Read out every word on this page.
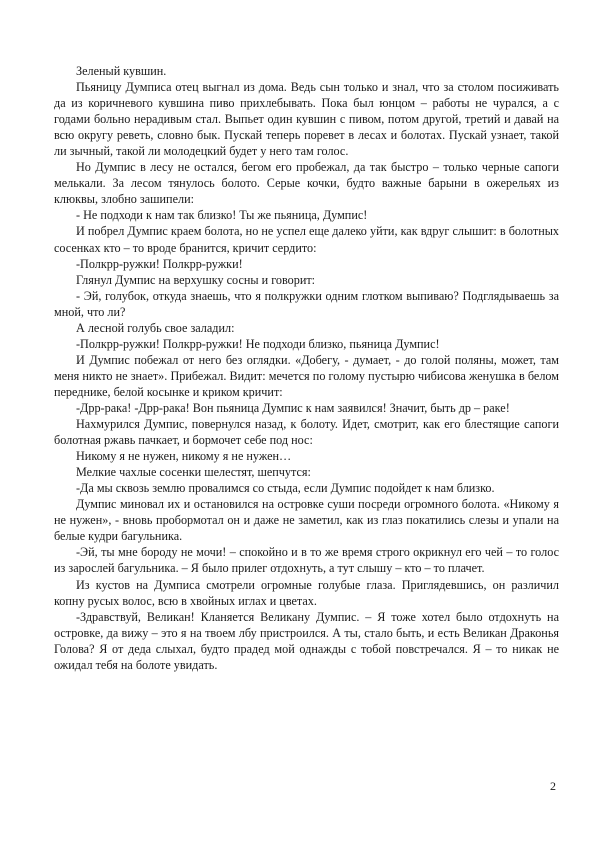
Зеленый кувшин.

Пьяницу Думписа отец выгнал из дома. Ведь сын только и знал, что за столом посиживать да из коричневого кувшина пиво прихлебывать. Пока был юнцом – работы не чурался, а с годами больно нерадивым стал. Выпьет один кувшин с пивом, потом другой, третий и давай на всю округу реветь, словно бык. Пускай теперь поревет в лесах и болотах. Пускай узнает, такой ли зычный, такой ли молодецкий будет у него там голос.

Но Думпис в лесу не остался, бегом его пробежал, да так быстро – только черные сапоги мелькали. За лесом тянулось болото. Серые кочки, будто важные барыни в ожерельях из клюквы, злобно зашипели:

- Не подходи к нам так близко! Ты же пьяница, Думпис!

И побрел Думпис краем болота, но не успел еще далеко уйти, как вдруг слышит: в болотных сосенках кто – то вроде бранится, кричит сердито:

-Полкрр-ружки! Полкрр-ружки!

Глянул Думпис на верхушку сосны и говорит:

- Эй, голубок, откуда знаешь, что я полкружки одним глотком выпиваю? Подглядываешь за мной, что ли?

А лесной голубь свое заладил:

-Полкрр-ружки! Полкрр-ружки! Не подходи близко, пьяница Думпис!

И Думпис побежал от него без оглядки. «Добегу, - думает, - до голой поляны, может, там меня никто не знает». Прибежал. Видит: мечется по голому пустырю чибисова женушка в белом переднике, белой косынке и криком кричит:

-Дрр-рака! -Дрр-рака! Вон пьяница Думпис к нам заявился! Значит, быть др – раке!

Нахмурился Думпис, повернулся назад, к болоту. Идет, смотрит, как его блестящие сапоги болотная ржавь пачкает, и бормочет себе под нос:

Никому я не нужен, никому я не нужен…

Мелкие чахлые сосенки шелестят, шепчутся:

-Да мы сквозь землю провалимся со стыда, если Думпис подойдет к нам близко.

Думпис миновал их и остановился на островке суши посреди огромного болота. «Никому я не нужен», - вновь пробормотал он и даже не заметил, как из глаз покатились слезы и упали на белые кудри багульника.

-Эй, ты мне бороду не мочи! – спокойно и в то же время строго окрикнул его чей – то голос из зарослей багульника. – Я было прилег отдохнуть, а тут слышу – кто – то плачет.

Из кустов на Думписа смотрели огромные голубые глаза. Приглядевшись, он различил копну русых волос, всю в хвойных иглах и цветах.

-Здравствуй, Великан! Кланяется Великану Думпис. – Я тоже хотел было отдохнуть на островке, да вижу – это я на твоем лбу пристроился. А ты, стало быть, и есть Великан Драконья Голова? Я от деда слыхал, будто прадед мой однажды с тобой повстречался. Я – то никак не ожидал тебя на болоте увидать.

2
